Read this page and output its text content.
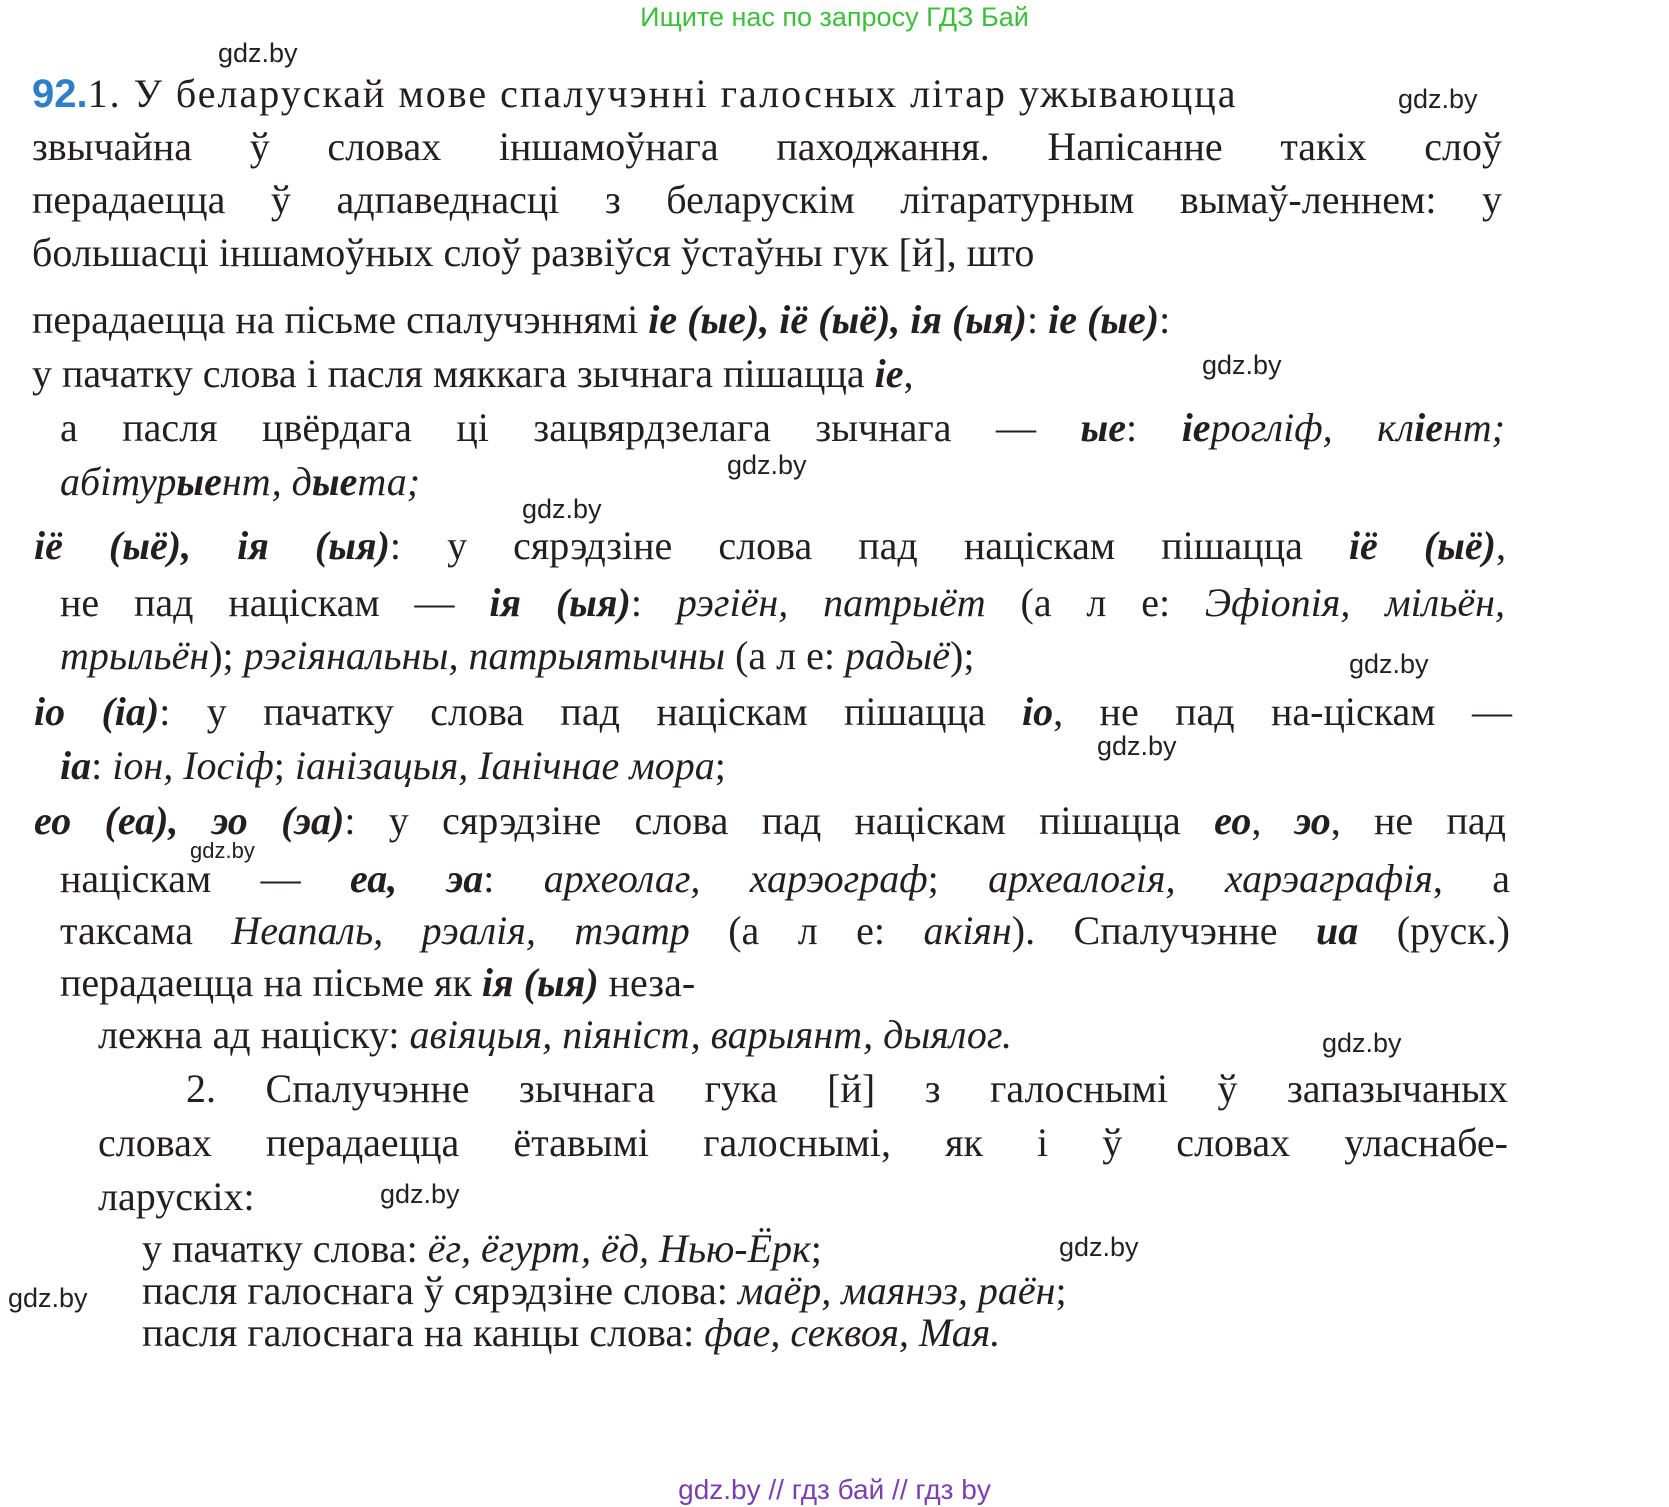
Ищите нас по запросу ГДЗ Бай
gdz.by
gdz.by
gdz.by
gdz.by
gdz.by
gdz.by
gdz.by
gdz.by
gdz.by
gdz.by
gdz.by
gdz.by
92.1. У беларускай мове спалучэнні галосных літар ужываюцца
звычайна ў словах іншамоўнага паходжання. Напісанне такіх слоў
перадаецца ў адпаведнасці з беларускім літаратурным вымаў-леннем: у
большасці іншамоўных слоў развіўся ўстаўны гук [й], што
перадаецца на пісьме спалучэннямі іе (ые), іё (ыё), ія (ыя): іе (ые):
у пачатку слова і пасля мяккага зычнага пішацца іе,
а пасля цвёрдага ці зацвярдзелага зычнага — ые: іерогліф, кліент;
абітурыент, дыета;
іё (ыё), ія (ыя): у сярэдзіне слова пад націскам пішацца іё (ыё),
не пад націскам — ія (ыя): рэгіён, патрыёт (а л е: Эфіопія, мільён,
трыльён); рэгіянальны, патрыятычны (а л е: радыё);
іо (іа): у пачатку слова пад націскам пішацца іо, не пад на-цiскам —
іа: іон, Іосіф; іанізацыя, Іанічнае мора;
ео (еа), эо (эа): у сярэдзіне слова пад націскам пішацца ео, эо, не пад
націскам — еа, эа: археолаг, харэограф; археалогія, харэаграфія, а
таксама Неапаль, рэалія, тэатр (а л е: акіян). Спалучэнне иа (руск.)
перадаецца на пісьме як ія (ыя) неза-
лежна ад націску: авіяцыя, піяніст, варыянт, дыялог.
2. Спалучэнне зычнага гука [й] з галоснымі ў запазычаных
словах перадаецца ётавымі галоснымі, як і ў словах уласнабе-
ларускіх:
у пачатку слова: ёг, ёгурт, ёд, Нью-Ёрк;
пасля галоснага ў сярэдзіне слова: маёр, маянэз, раён;
пасля галоснага на канцы слова: фае, секвоя, Мая.
gdz.by // гдз бай // гдз by
